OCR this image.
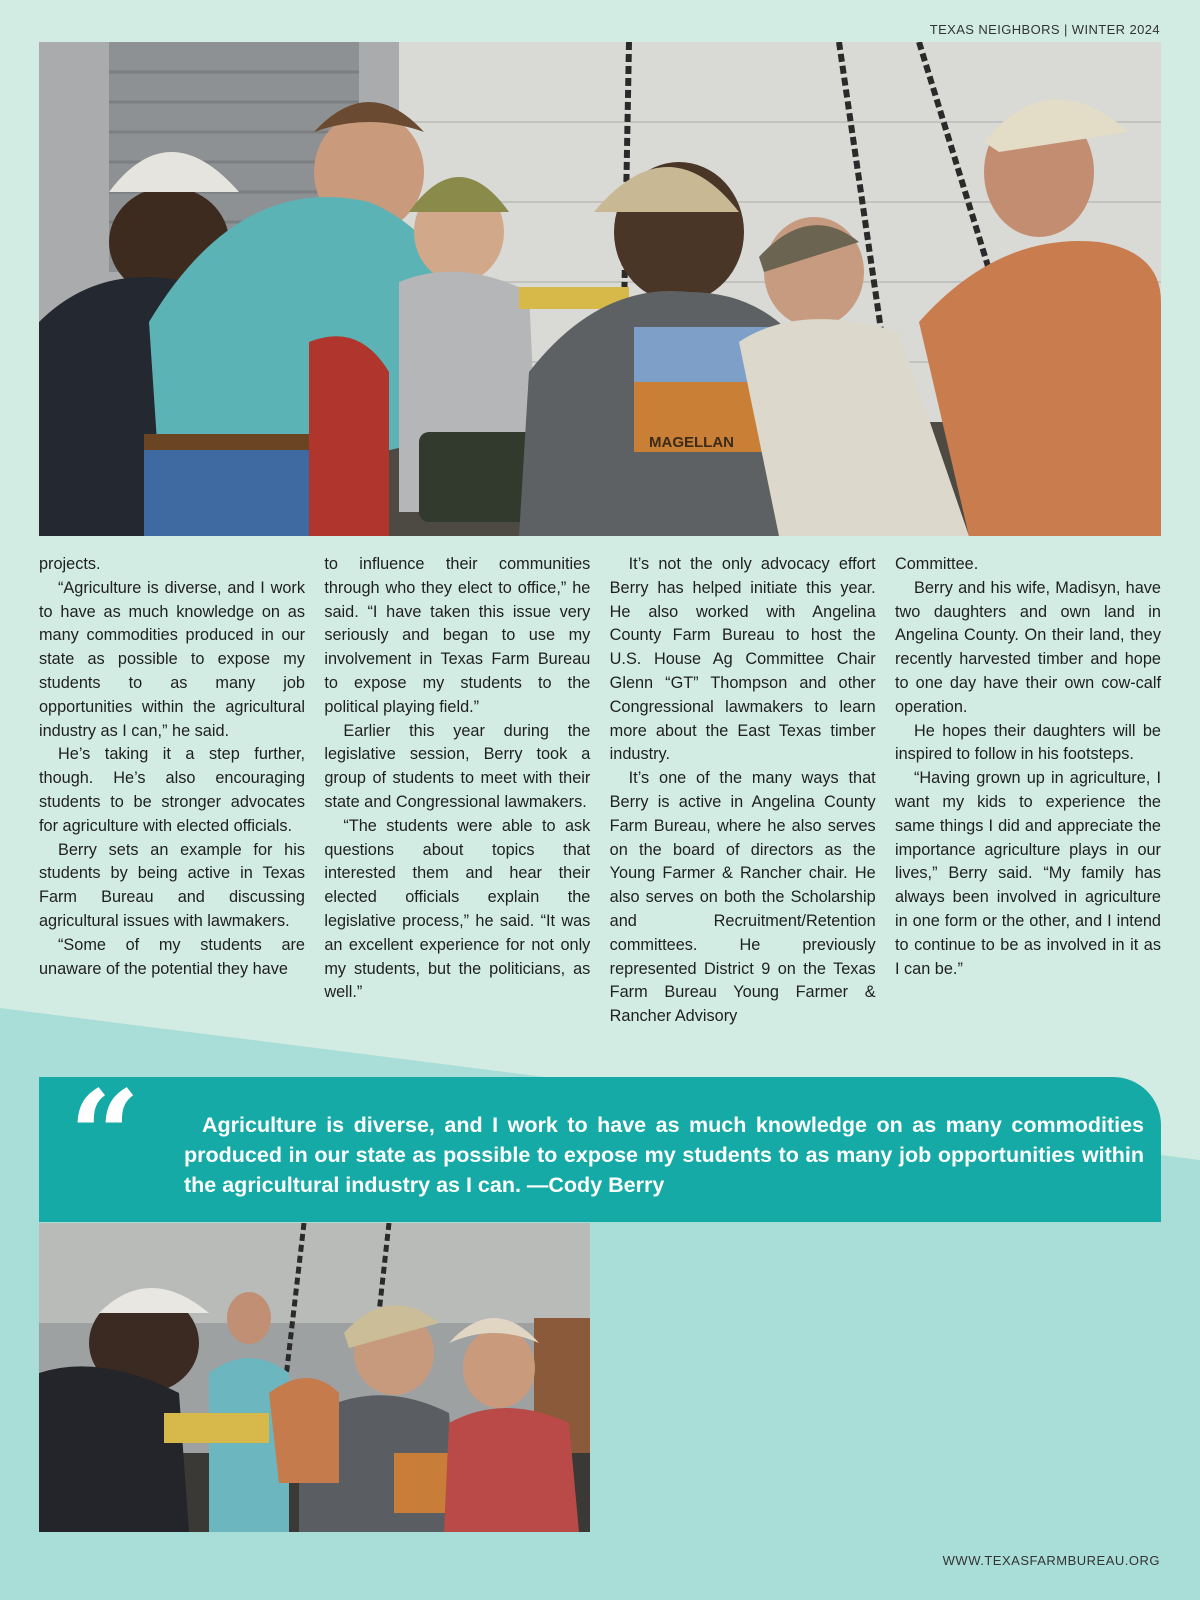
TEXAS NEIGHBORS | WINTER 2024
MAGELLAN

projects.

“Agriculture is diverse, and I work to have as much knowledge on as many commodities produced in our state as possible to expose my students to as many job opportunities within the agricultural industry as I can,” he said.

He’s taking it a step further, though. He’s also encouraging students to be stronger advocates for agriculture with elected officials.

Berry sets an example for his students by being active in Texas Farm Bureau and discussing agricultural issues with lawmakers.

“Some of my students are unaware of the potential they have

to influence their communities through who they elect to office,” he said. “I have taken this issue very seriously and began to use my involvement in Texas Farm Bureau to expose my students to the political playing field.”

Earlier this year during the legislative session, Berry took a group of students to meet with their state and Congressional lawmakers.

“The students were able to ask questions about topics that interested them and hear their elected officials explain the legislative process,” he said. “It was an excellent experience for not only my students, but the politicians, as well.”

It’s not the only advocacy effort Berry has helped initiate this year. He also worked with Angelina County Farm Bureau to host the U.S. House Ag Committee Chair Glenn “GT” Thompson and other Congressional lawmakers to learn more about the East Texas timber industry.

It’s one of the many ways that Berry is active in Angelina County Farm Bureau, where he also serves on the board of directors as the Young Farmer & Rancher chair. He also serves on both the Scholarship and Recruitment/Retention committees. He previously represented District 9 on the Texas Farm Bureau Young Farmer & Rancher Advisory

Committee.

Berry and his wife, Madisyn, have two daughters and own land in Angelina County. On their land, they recently harvested timber and hope to one day have their own cow-calf operation.

He hopes their daughters will be inspired to follow in his footsteps.

“Having grown up in agriculture, I want my kids to experience the same things I did and appreciate the importance agriculture plays in our lives,” Berry said. “My family has always been involved in agriculture in one form or the other, and I intend to continue to be as involved in it as I can be.”

“	Agriculture is diverse, and I work to have as much knowledge on as many commodities produced in our state as possible to expose my students to as many job opportunities within the agricultural industry as I can. —Cody Berry
WWW.TEXASFARMBUREAU.ORG
